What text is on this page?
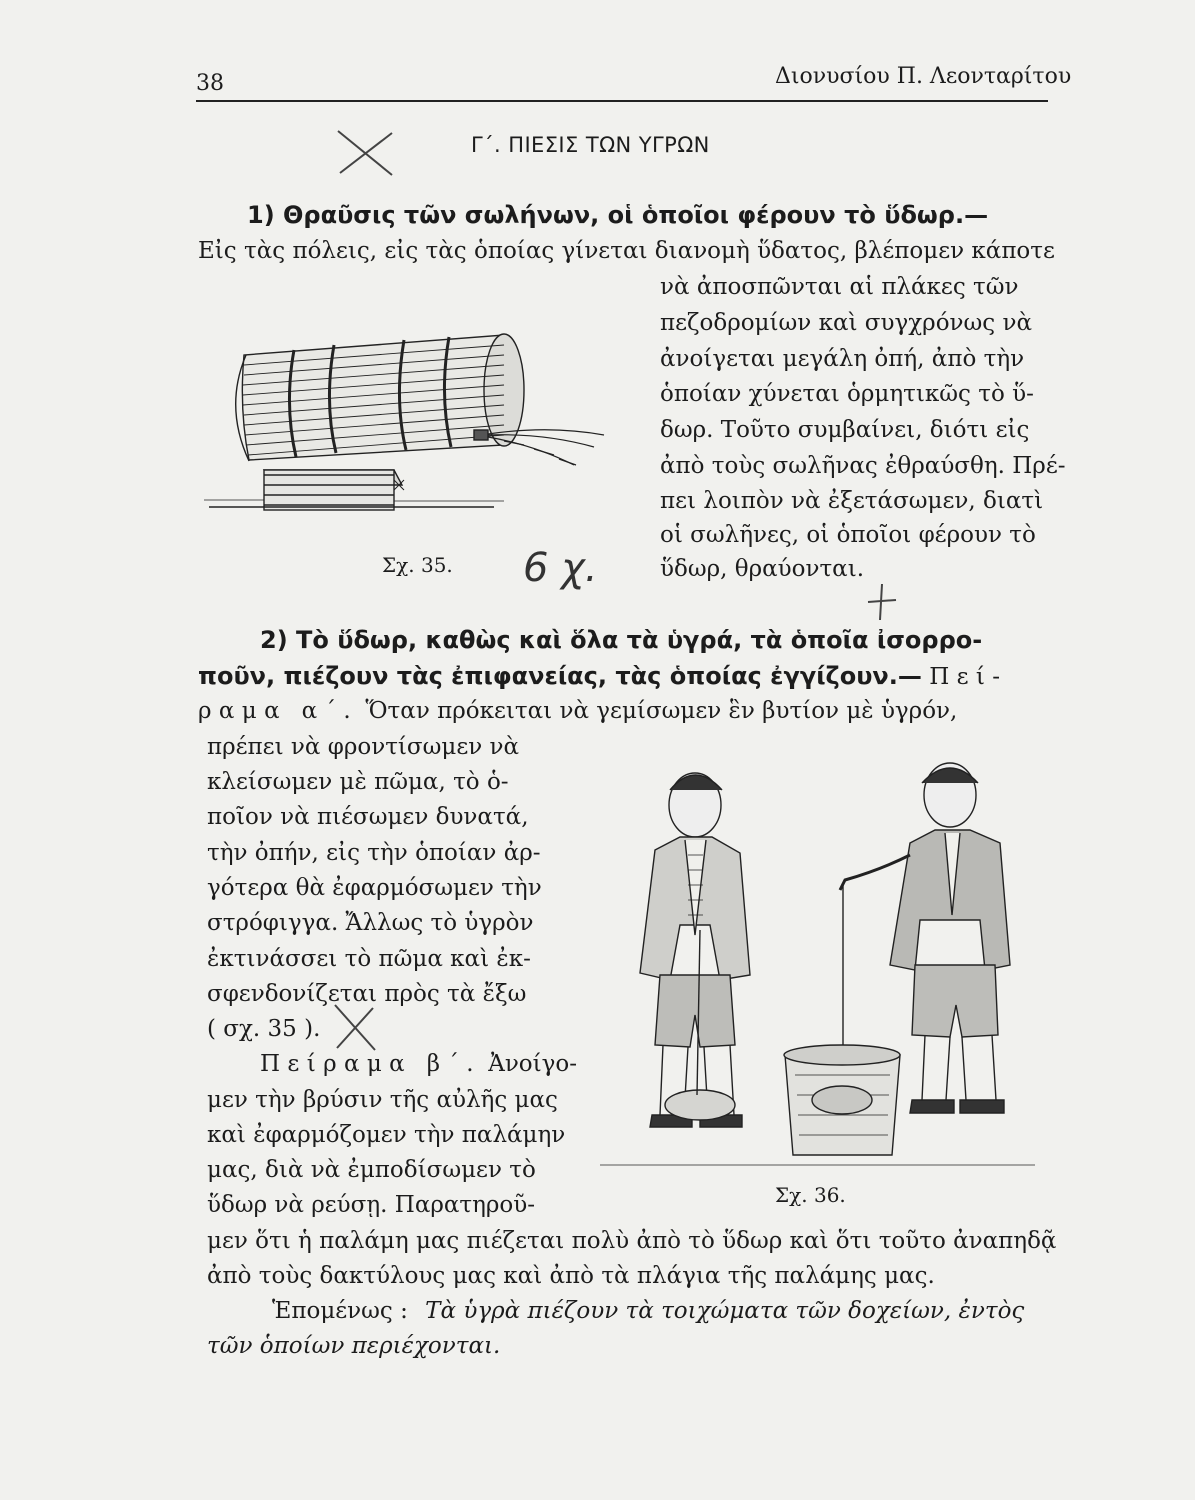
38	Διονυσίου Π. Λεονταρίτου
Γ΄. ΠΙΕΣΙΣ ΤΩΝ ΥΓΡΩΝ
1) Θραῦσις τῶν σωλήνων, οἱ ὁποῖοι φέρουν τὸ ὕδωρ.—
Εἰς τὰς πόλεις, εἰς τὰς ὁποίας γίνεται διανομὴ ὕδατος, βλέπομεν κάποτε
νὰ ἀποσπῶνται αἱ πλάκες τῶν
πεζοδρομίων καὶ συγχρόνως νὰ
ἀνοίγεται μεγάλη ὀπή, ἀπὸ τὴν
ὁποίαν χύνεται ὁρμητικῶς τὸ ὕ-
δωρ. Τοῦτο συμβαίνει, διότι εἰς
ἀπὸ τοὺς σωλῆνας ἐθραύσθη. Πρέ-
πει λοιπὸν νὰ ἐξετάσωμεν, διατὶ
οἱ σωλῆνες, οἱ ὁποῖοι φέρουν τὸ
ὕδωρ, θραύονται.
Σχ. 35.
2) Τὸ ὕδωρ, καθὼς καὶ ὅλα τὰ ὑγρά, τὰ ὁποῖα ἰσορρο-
ποῦν, πιέζουν τὰς ἐπιφανείας, τὰς ὁποίας ἐγγίζουν.— Πεί-
ραμα α΄. Ὅταν πρόκειται νὰ γεμίσωμεν ἓν βυτίον μὲ ὑγρόν,
πρέπει νὰ φροντίσωμεν νὰ
κλείσωμεν μὲ πῶμα, τὸ ὁ-
ποῖον νὰ πιέσωμεν δυνατά,
τὴν ὀπήν, εἰς τὴν ὁποίαν ἀρ-
γότερα θὰ ἐφαρμόσωμεν τὴν
στρόφιγγα. Ἄλλως τὸ ὑγρὸν
ἐκτινάσσει τὸ πῶμα καὶ ἐκ-
σφενδονίζεται πρὸς τὰ ἔξω
( σχ. 35 ).
Πείραμα β΄. Ἀνοίγο-
μεν τὴν βρύσιν τῆς αὐλῆς μας
καὶ ἐφαρμόζομεν τὴν παλάμην
μας, διὰ νὰ ἐμποδίσωμεν τὸ
ὕδωρ νὰ ρεύσῃ. Παρατηροῦ-
μεν ὅτι ἡ παλάμη μας πιέζεται πολὺ ἀπὸ τὸ ὕδωρ καὶ ὅτι τοῦτο ἀναπηδᾷ
ἀπὸ τοὺς δακτύλους μας καὶ ἀπὸ τὰ πλάγια τῆς παλάμης μας.
Ἑπομένως : Τὰ ὑγρὰ πιέζουν τὰ τοιχώματα τῶν δοχείων, ἐντὸς
τῶν ὁποίων περιέχονται.
Σχ. 36.
6 χ.
